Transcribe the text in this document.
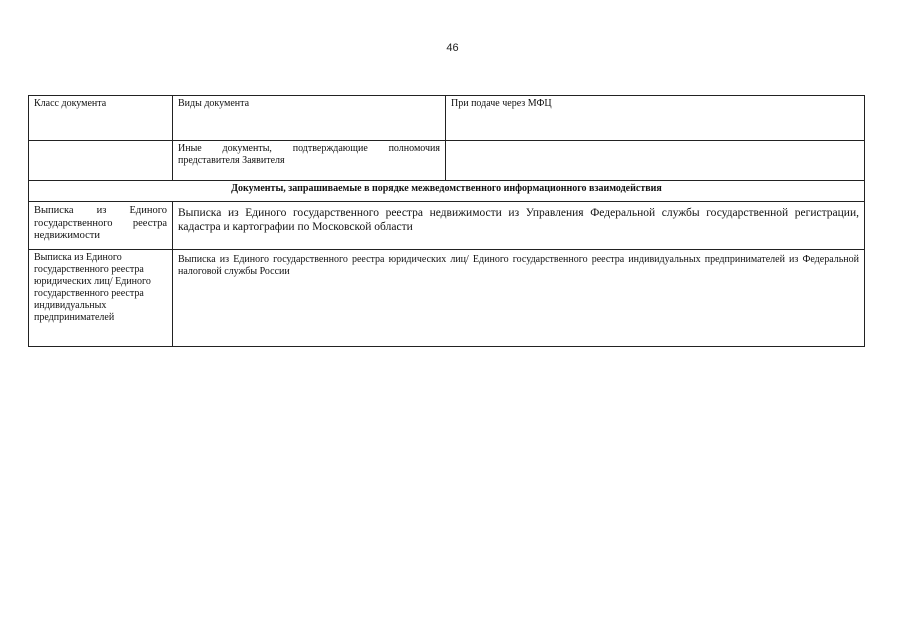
46
Класс документа	Виды документа	При подаче через МФЦ
	Иные документы, подтверждающие полномочия представителя Заявителя	
Документы, запрашиваемые в порядке межведомственного информационного взаимодействия		
Выписка из Единого государственного реестра недвижимости	Выписка из Единого государственного реестра недвижимости из Управления Федеральной службы государственной регистрации, кадастра и картографии по Московской области	
Выписка из Единого государственного реестра юридических лиц/ Единого государственного реестра индивидуальных предпринимателей	Выписка из Единого государственного реестра юридических лиц/ Единого государственного реестра индивидуальных предпринимателей из Федеральной налоговой службы России	
